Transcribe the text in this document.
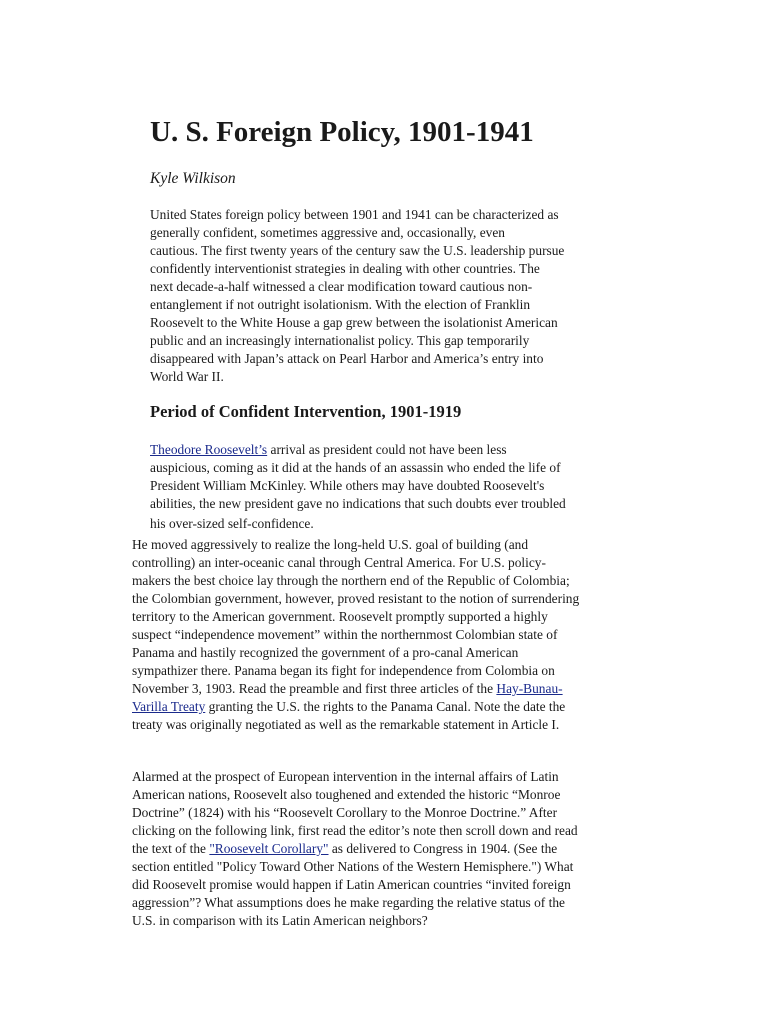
U. S. Foreign Policy, 1901-1941

Kyle Wilkison

United States foreign policy between 1901 and 1941 can be characterized as
generally confident, sometimes aggressive and, occasionally, even
cautious. The first twenty years of the century saw the U.S. leadership pursue
confidently interventionist strategies in dealing with other countries. The
next decade-a-half witnessed a clear modification toward cautious non-
entanglement if not outright isolationism. With the election of Franklin
Roosevelt to the White House a gap grew between the isolationist American
public and an increasingly internationalist policy. This gap temporarily
disappeared with Japan’s attack on Pearl Harbor and America’s entry into
World War II.

Period of Confident Intervention, 1901-1919

Theodore Roosevelt’s arrival as president could not have been less
auspicious, coming as it did at the hands of an assassin who ended the life of
President William McKinley. While others may have doubted Roosevelt's
abilities, the new president gave no indications that such doubts ever troubled
his over-sized self-confidence.

He moved aggressively to realize the long-held U.S. goal of building (and
controlling) an inter-oceanic canal through Central America. For U.S. policy-
makers the best choice lay through the northern end of the Republic of Colombia;
the Colombian government, however, proved resistant to the notion of surrendering
territory to the American government. Roosevelt promptly supported a highly
suspect “independence movement” within the northernmost Colombian state of
Panama and hastily recognized the government of a pro-canal American
sympathizer there. Panama began its fight for independence from Colombia on
November 3, 1903. Read the preamble and first three articles of the Hay-Bunau-
Varilla Treaty granting the U.S. the rights to the Panama Canal. Note the date the
treaty was originally negotiated as well as the remarkable statement in Article I.

Alarmed at the prospect of European intervention in the internal affairs of Latin
American nations, Roosevelt also toughened and extended the historic “Monroe
Doctrine” (1824) with his “Roosevelt Corollary to the Monroe Doctrine.” After
clicking on the following link, first read the editor’s note then scroll down and read
the text of the "Roosevelt Corollary" as delivered to Congress in 1904. (See the
section entitled "Policy Toward Other Nations of the Western Hemisphere.") What
did Roosevelt promise would happen if Latin American countries “invited foreign
aggression”? What assumptions does he make regarding the relative status of the
U.S. in comparison with its Latin American neighbors?
